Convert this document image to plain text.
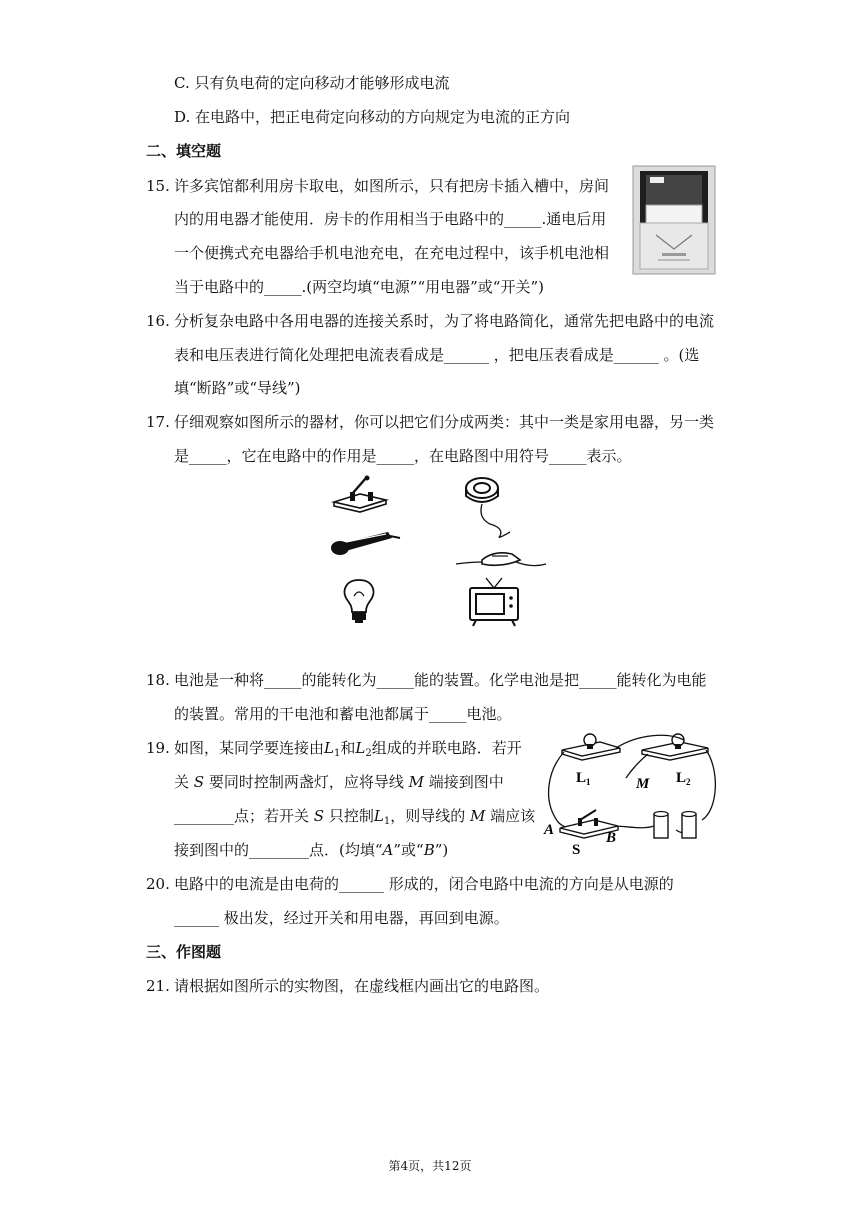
C. 只有负电荷的定向移动才能够形成电流
D. 在电路中，把正电荷定向移动的方向规定为电流的正方向
二、填空题
15. 许多宾馆都利用房卡取电，如图所示，只有把房卡插入槽中，房间
内的用电器才能使用．房卡的作用相当于电路中的_____.通电后用
一个便携式充电器给手机电池充电，在充电过程中，该手机电池相
当于电路中的_____.(两空均填“电源”“用电器”或“开关”)
16. 分析复杂电路中各用电器的连接关系时，为了将电路简化，通常先把电路中的电流
表和电压表进行简化处理把电流表看成是______ ，把电压表看成是______ 。(选
填“断路”或“导线”)
17. 仔细观察如图所示的器材，你可以把它们分成两类：其中一类是家用电器，另一类
是_____，它在电路中的作用是_____，在电路图中用符号_____表示。
18. 电池是一种将_____的能转化为_____能的装置。化学电池是把_____能转化为电能
的装置。常用的干电池和蓄电池都属于_____电池。
19. 如图，某同学要连接由$L_1$和$L_2$组成的并联电路．若开
关 S 要同时控制两盏灯，应将导线 M 端接到图中
________点；若开关 S 只控制$L_1$，则导线的 M 端应该
接到图中的________点．(均填“A”或“B”)
$L_1$	$L_2$
M
A	B
S
20. 电路中的电流是由电荷的______ 形成的，闭合电路中电流的方向是从电源的
______ 极出发，经过开关和用电器，再回到电源。
三、作图题
21. 请根据如图所示的实物图，在虚线框内画出它的电路图。
第4页，共12页
